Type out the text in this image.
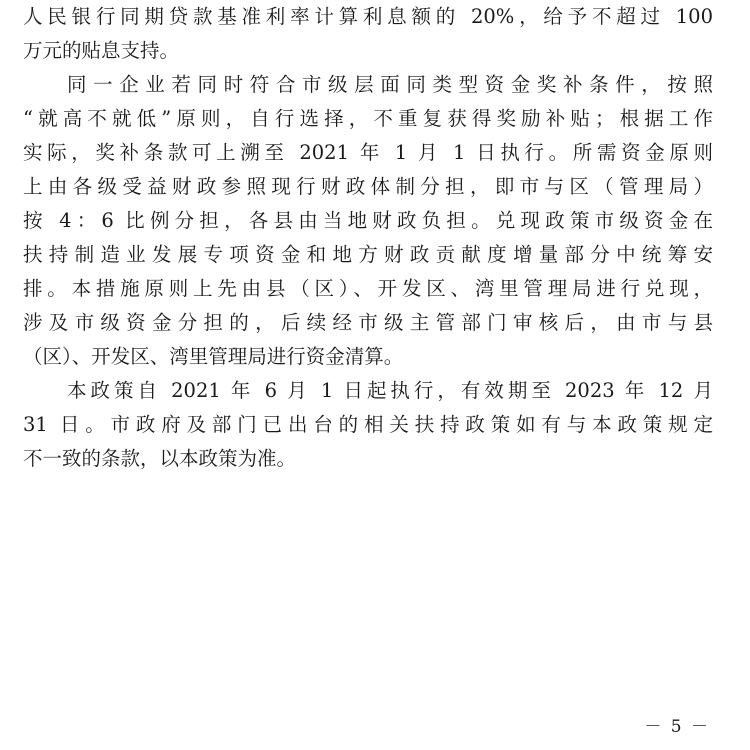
人民银行同期贷款基准利率计算利息额的 20%，给予不超过 100
万元的贴息支持。
同一企业若同时符合市级层面同类型资金奖补条件，按照
“就高不就低”原则，自行选择，不重复获得奖励补贴；根据工作
实际，奖补条款可上溯至 2021 年 1 月 1 日执行。所需资金原则
上由各级受益财政参照现行财政体制分担，即市与区（管理局）
按 4：6 比例分担，各县由当地财政负担。兑现政策市级资金在
扶持制造业发展专项资金和地方财政贡献度增量部分中统筹安
排。本措施原则上先由县（区）、开发区、湾里管理局进行兑现，
涉及市级资金分担的，后续经市级主管部门审核后，由市与县
（区）、开发区、湾里管理局进行资金清算。
本政策自 2021 年 6 月 1 日起执行，有效期至 2023 年 12 月
31 日。市政府及部门已出台的相关扶持政策如有与本政策规定
不一致的条款，以本政策为准。
－ 5 －
